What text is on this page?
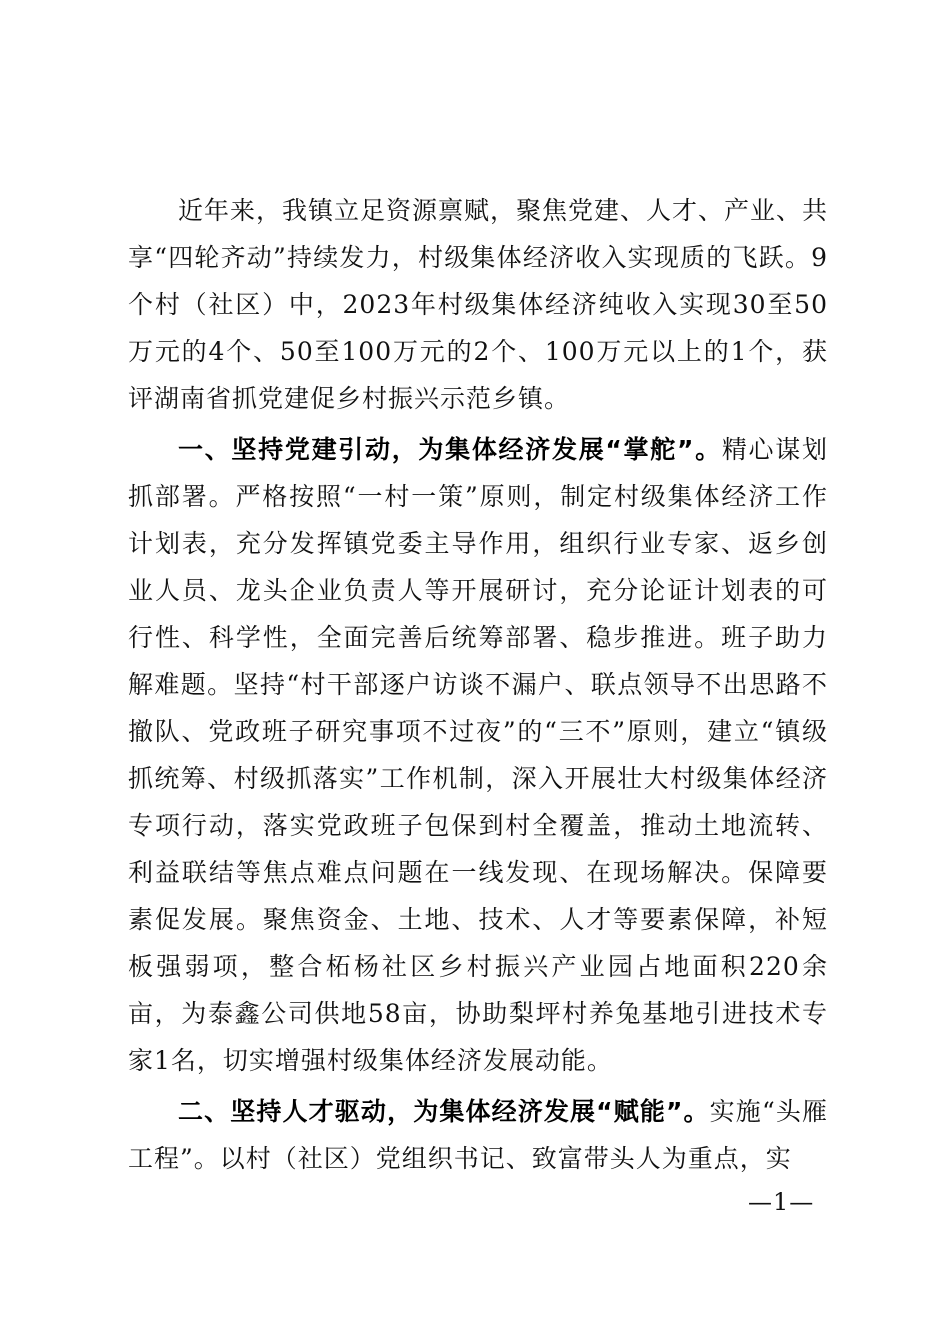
近年来，我镇立足资源禀赋，聚焦党建、人才、产业、共享“四轮齐动”持续发力，村级集体经济收入实现质的飞跃。9个村（社区）中，2023年村级集体经济纯收入实现30至50万元的4个、50至100万元的2个、100万元以上的1个，获评湖南省抓党建促乡村振兴示范乡镇。

一、坚持党建引动，为集体经济发展“掌舵”。精心谋划抓部署。严格按照“一村一策”原则，制定村级集体经济工作计划表，充分发挥镇党委主导作用，组织行业专家、返乡创业人员、龙头企业负责人等开展研讨，充分论证计划表的可行性、科学性，全面完善后统筹部署、稳步推进。班子助力解难题。坚持“村干部逐户访谈不漏户、联点领导不出思路不撤队、党政班子研究事项不过夜”的“三不”原则，建立“镇级抓统筹、村级抓落实”工作机制，深入开展壮大村级集体经济专项行动，落实党政班子包保到村全覆盖，推动土地流转、利益联结等焦点难点问题在一线发现、在现场解决。保障要素促发展。聚焦资金、土地、技术、人才等要素保障，补短板强弱项，整合柘杨社区乡村振兴产业园占地面积220余亩，为泰鑫公司供地58亩，协助梨坪村养兔基地引进技术专家1名，切实增强村级集体经济发展动能。

二、坚持人才驱动，为集体经济发展“赋能”。实施“头雁工程”。以村（社区）党组织书记、致富带头人为重点，实

—1—
